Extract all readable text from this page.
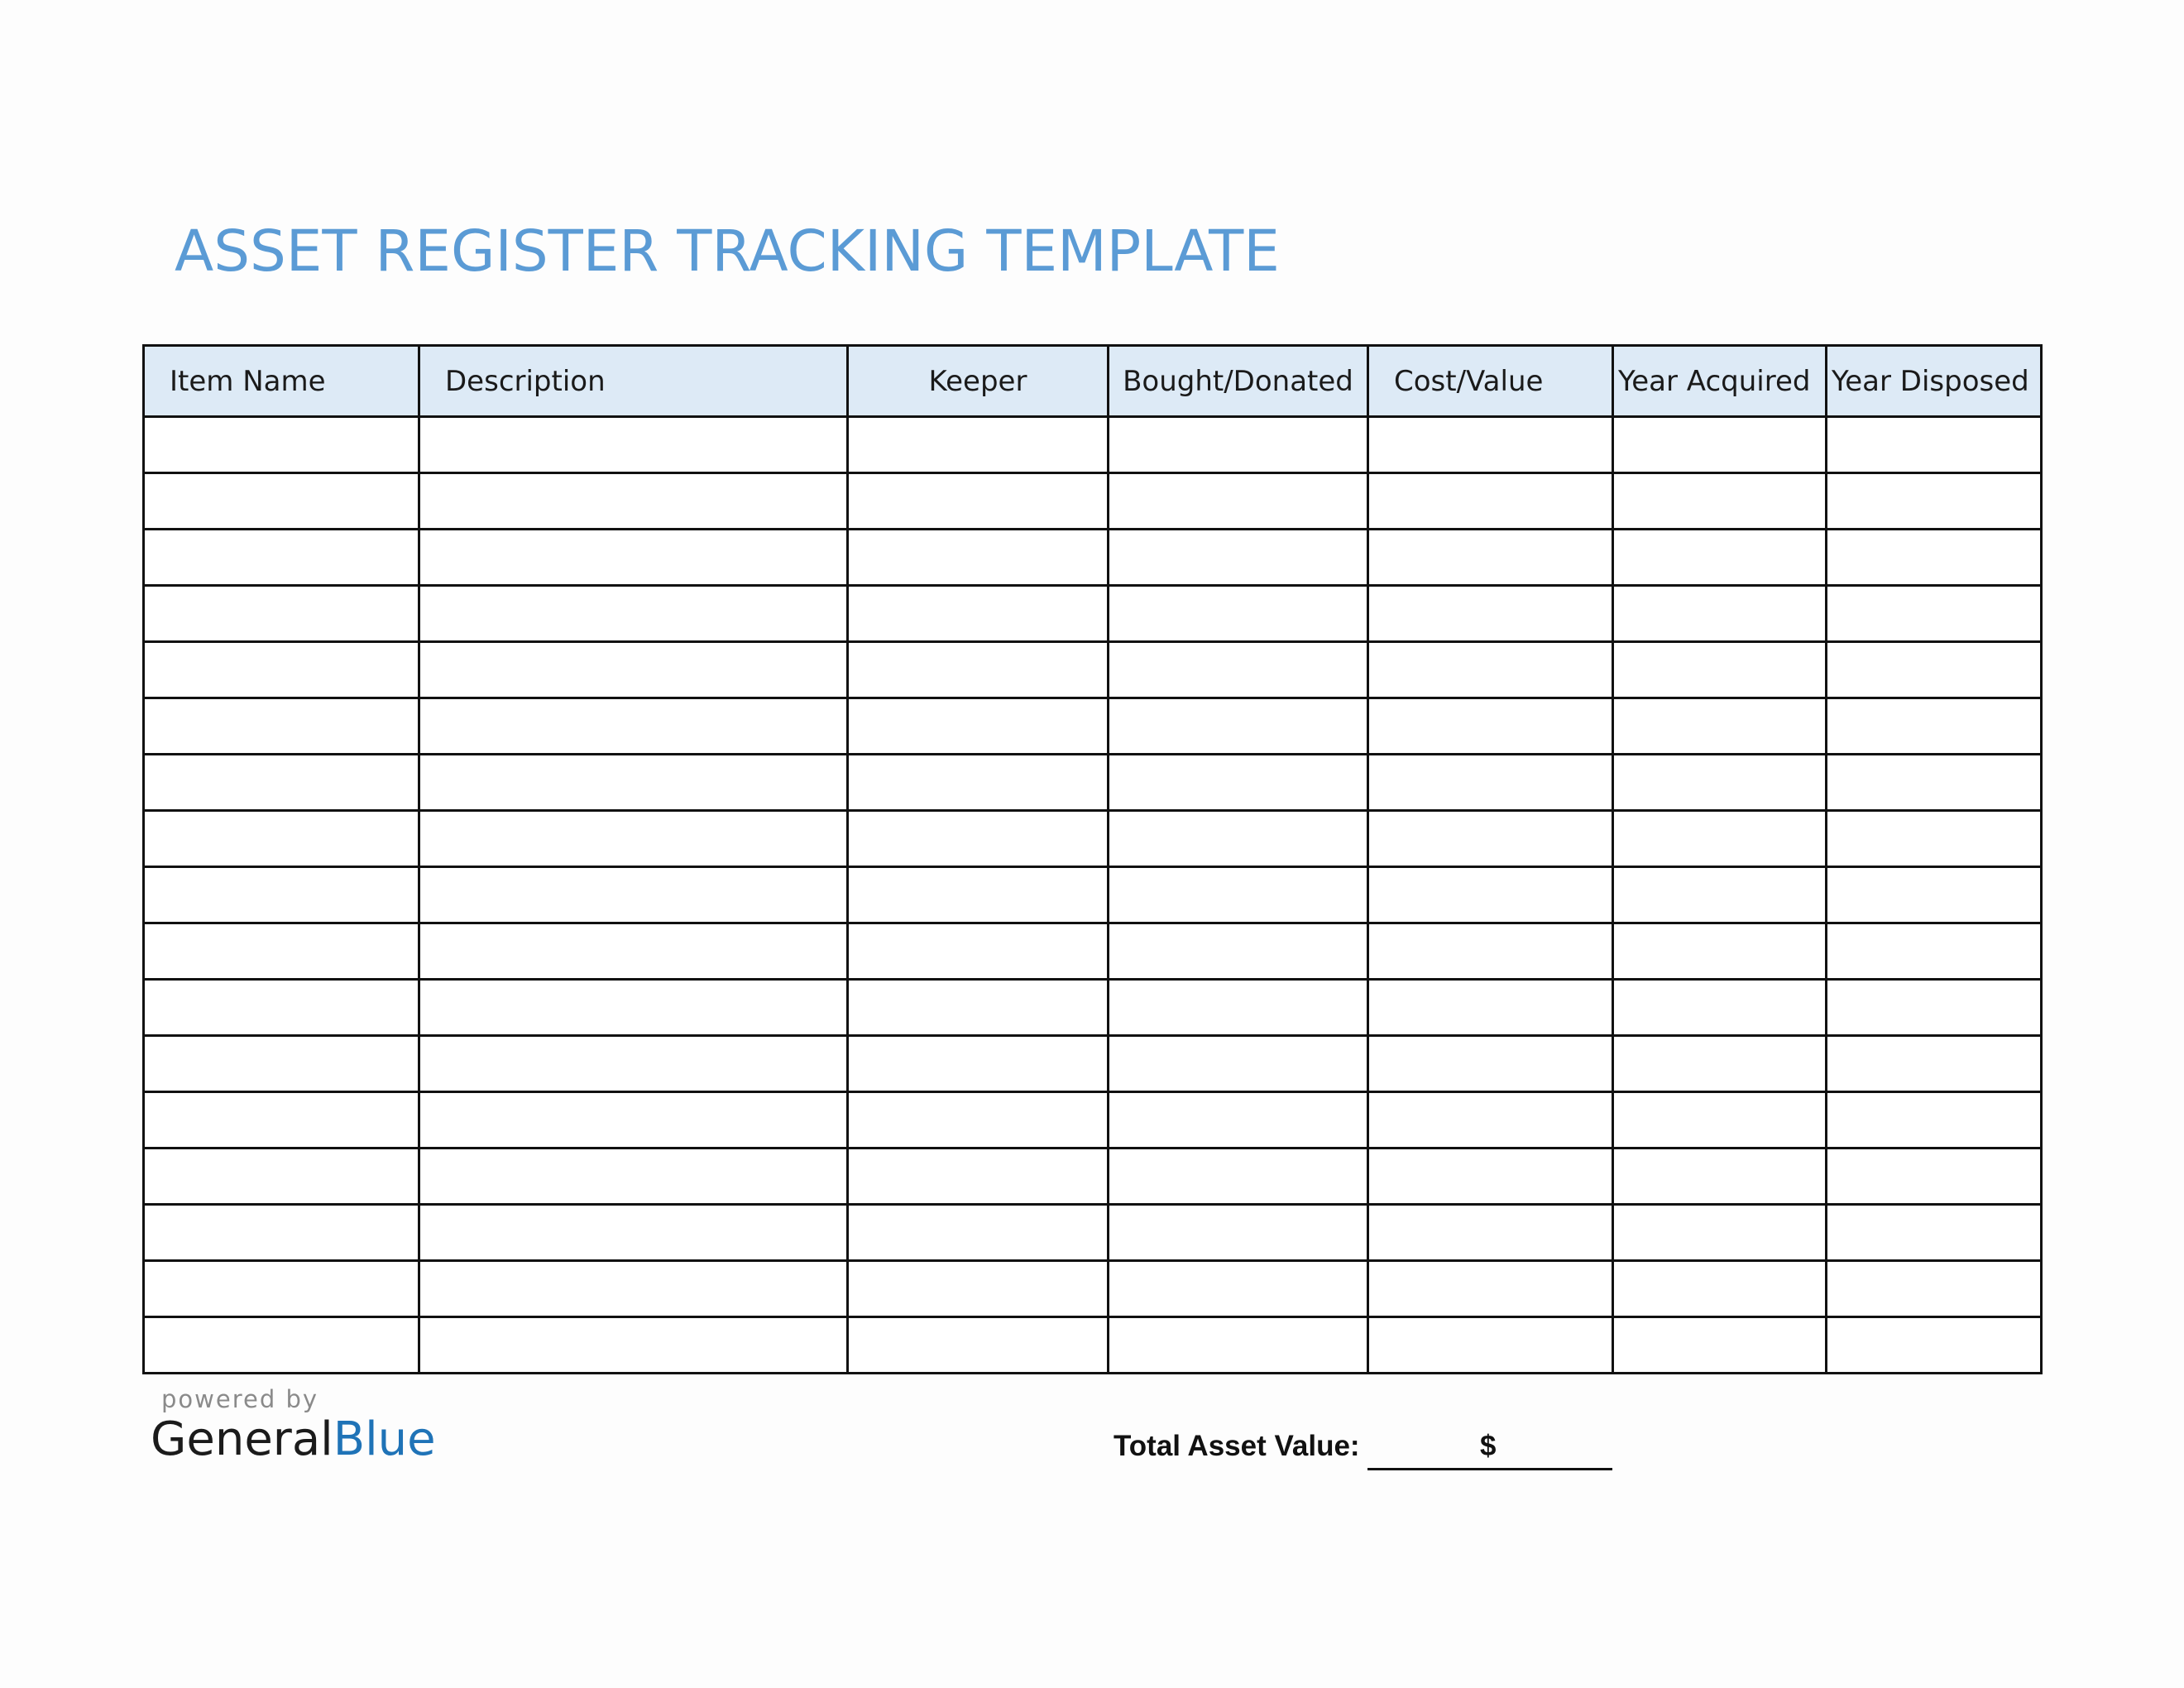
ASSET REGISTER TRACKING TEMPLATE
Item Name	Description	Keeper	Bought/Donated	Cost/Value	Year Acquired	Year Disposed

powered by
GeneralBlue	Total Asset Value:	$
